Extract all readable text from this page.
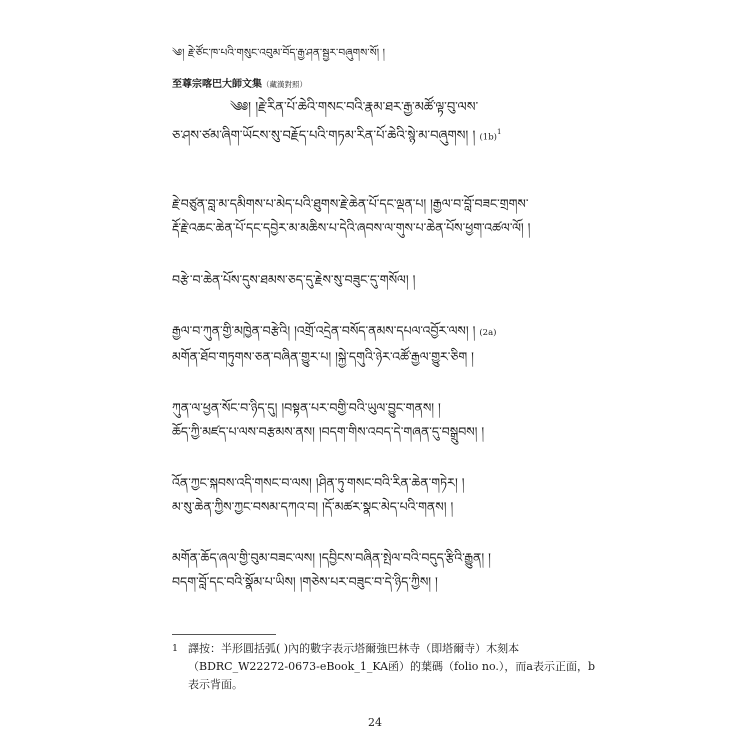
༄། རྗེ་ཙོང་ཁ་པའི་གསུང་འབུམ་བོད་རྒྱ་ཤན་སྦྱར་བཞུགས་སོ། །
至尊宗喀巴大師文集（藏漢對照）
༄༅། །རྗེ་རིན་པོ་ཆེའི་གསང་བའི་རྣམ་ཐར་རྒྱ་མཚོ་ལྟ་བུ་ལས་
ཅ་ཤས་ཙམ་ཞིག་ཡོངས་སུ་བརྗོད་པའི་གཏམ་རིན་པོ་ཆེའི་སྙེ་མ་བཞུགས། ། $(1b)^1$
རྗེ་བཙུན་བླ་མ་དམིགས་པ་མེད་པའི་ཐུགས་རྗེ་ཆེན་པོ་དང་ལྡན་པ། །རྒྱལ་བ་བློ་བཟང་གྲགས་
རྡོ་རྗེ་འཆང་ཆེན་པོ་དང་དབྱེར་མ་མཆིས་པ་དེའི་ཞབས་ལ་གུས་པ་ཆེན་པོས་ཕྱག་འཚལ་ལོ། །
བརྩེ་བ་ཆེན་པོས་དུས་ཐམས་ཅད་དུ་རྗེས་སུ་བཟུང་དུ་གསོལ། །
རྒྱལ་བ་ཀུན་གྱི་མཁྱེན་བརྩེའི། །འགྲོ་འདྲེན་བསོད་ནམས་དཔལ་འབྱོར་ལས། ། (2a)
མགོན་ཐོབ་གཏུགས་ཅན་བཞིན་གྱུར་པ། །སྐྱེ་དགུའི་ཉེར་འཚོ་རྒྱལ་གྱུར་ཅིག །
ཀུན་ལ་ཕྱན་སོང་བ་ཉིད་དུ། །བསྟན་པར་བགྱི་བའི་ཡུལ་བྱུང་གནས། །
ཆོད་ཀྱི་མཛད་པ་ལས་བརྩམས་ནས། །བདག་གིས་འབད་དེ་གཞན་དུ་བསྒྲུབས། །
འོན་ཀྱང་སྐབས་འདི་གསང་བ་ལས། །ཤིན་ཏུ་གསང་བའི་རིན་ཆེན་གཏེར། །
མ་སུ་ཆེན་ཀྱིས་ཀྱང་བསམ་དཀའ་བ། །དོ་མཚར་སྣང་མེད་པའི་གནས། །
མགོན་ཆོད་ཞལ་གྱི་བུམ་བཟང་ལས། །དབྱིངས་བཞིན་སྤེལ་བའི་བདུད་རྩིའི་རྒྱུན། །
བདག་བློ་དང་བའི་སྣོམ་པ་ཡིས། །གཅེས་པར་བཟུང་བ་དེ་ཉིད་ཀྱིས། །
1 譯按：半形圓括弧( )內的數字表示塔爾強巴林寺（即塔爾寺）木刻本（BDRC_W22272-0673-eBook_1_KA函）的葉碼（folio no.），而a表示正面，b表示背面。
24
